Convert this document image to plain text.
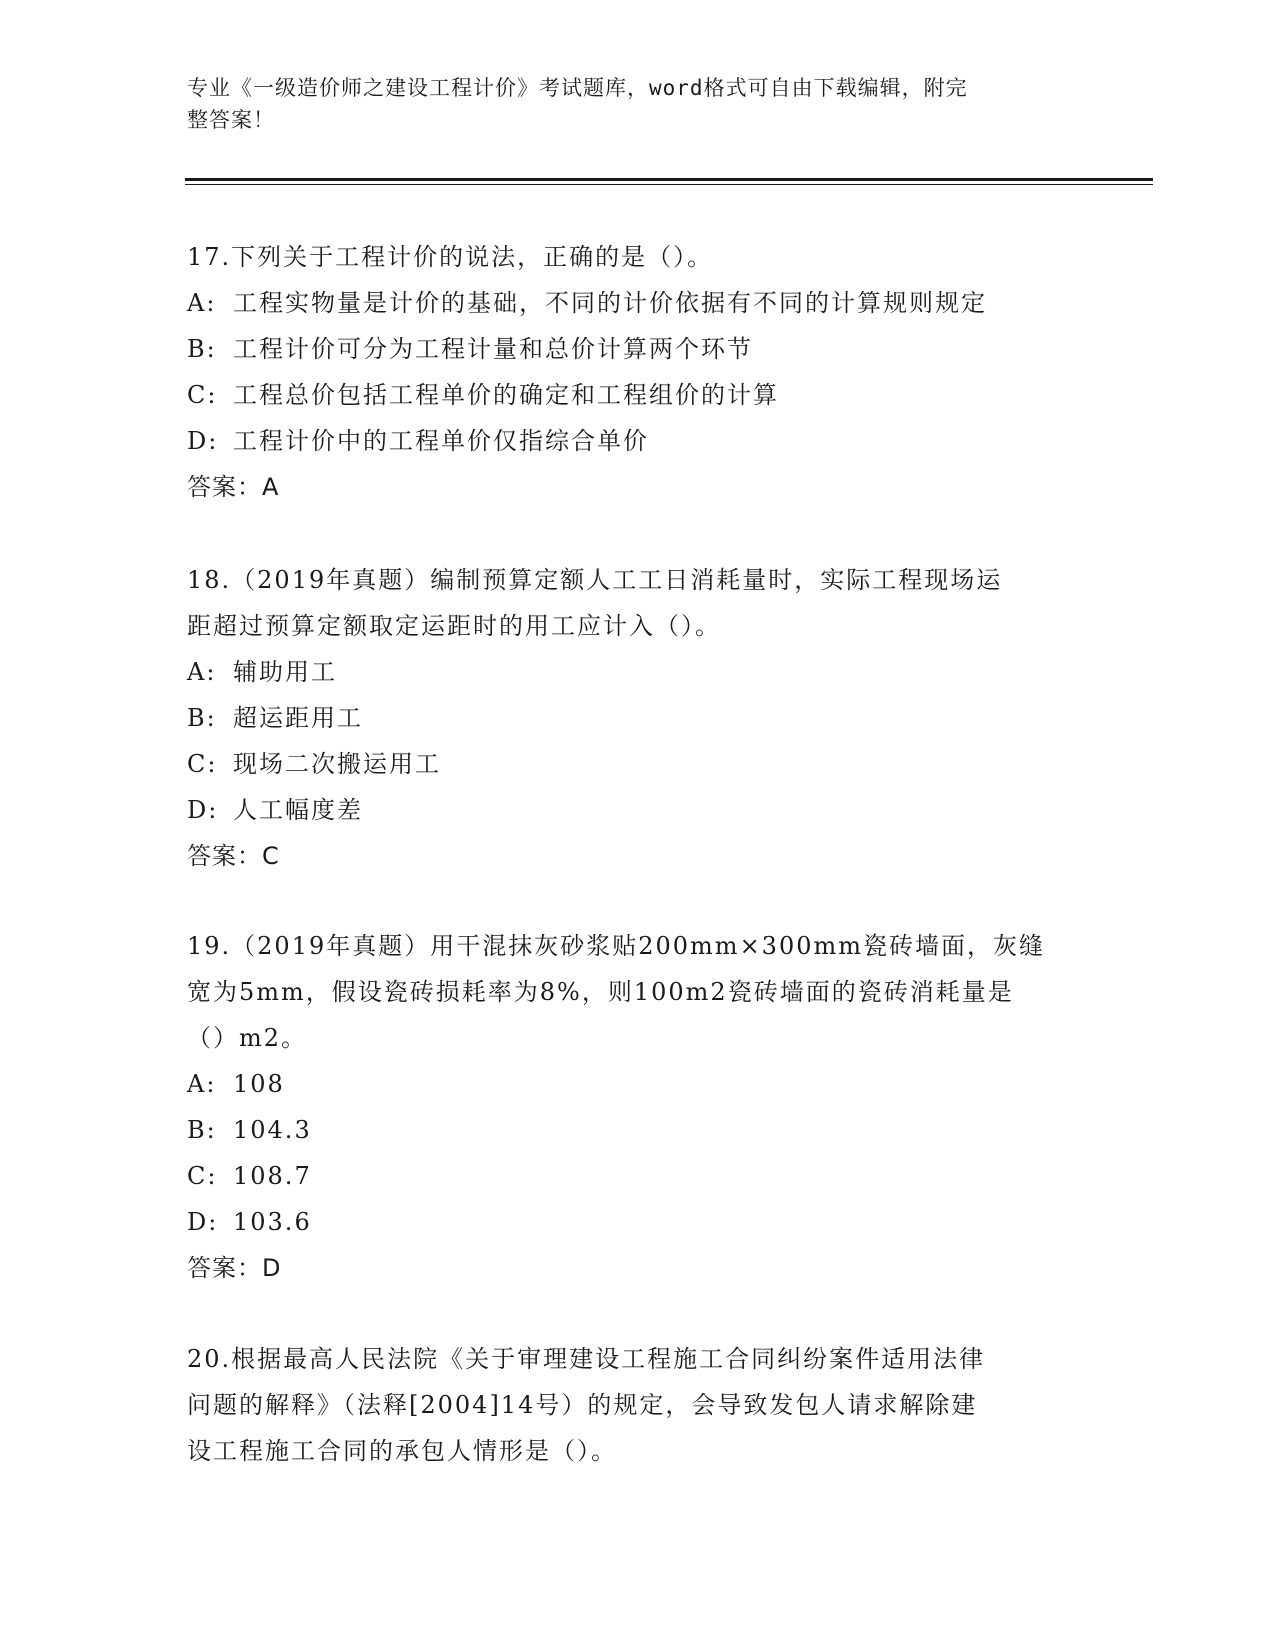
专业《一级造价师之建设工程计价》考试题库，word格式可自由下载编辑，附完
整答案！
17.下列关于工程计价的说法，正确的是（）。
A: 工程实物量是计价的基础，不同的计价依据有不同的计算规则规定
B: 工程计价可分为工程计量和总价计算两个环节
C: 工程总价包括工程单价的确定和工程组价的计算
D: 工程计价中的工程单价仅指综合单价
答案：A
18.（2019年真题）编制预算定额人工工日消耗量时，实际工程现场运
距超过预算定额取定运距时的用工应计入（）。
A: 辅助用工
B: 超运距用工
C: 现场二次搬运用工
D: 人工幅度差
答案：C
19.（2019年真题）用干混抹灰砂浆贴200mm×300mm瓷砖墙面，灰缝
宽为5mm，假设瓷砖损耗率为8%，则100m2瓷砖墙面的瓷砖消耗量是
（）m2。
A: 108
B: 104.3
C: 108.7
D: 103.6
答案：D
20.根据最高人民法院《关于审理建设工程施工合同纠纷案件适用法律
问题的解释》（法释[2004]14号）的规定，会导致发包人请求解除建
设工程施工合同的承包人情形是（）。
